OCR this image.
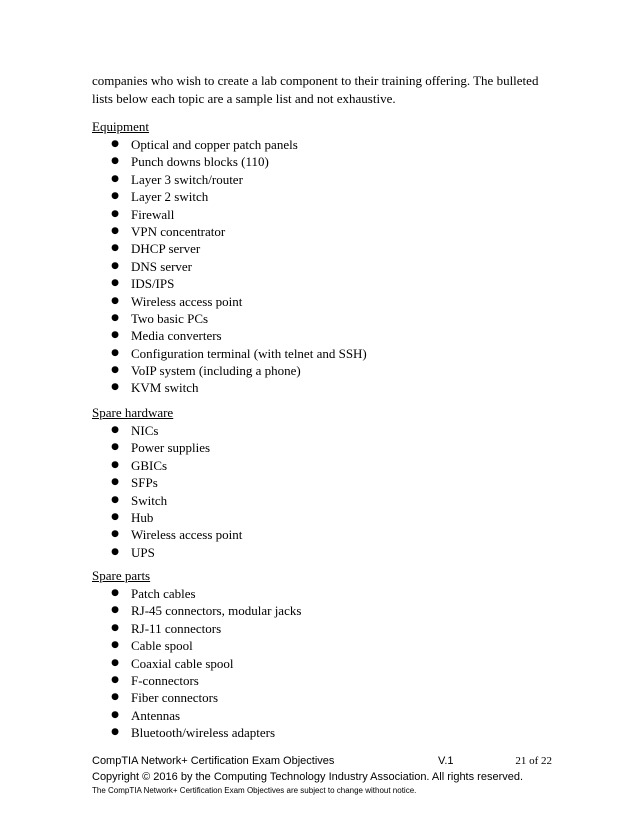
companies who wish to create a lab component to their training offering. The bulleted lists below each topic are a sample list and not exhaustive.
Equipment
● Optical and copper patch panels
● Punch downs blocks (110)
● Layer 3 switch/router
● Layer 2 switch
● Firewall
● VPN concentrator
● DHCP server
● DNS server
● IDS/IPS
● Wireless access point
● Two basic PCs
● Media converters
● Configuration terminal (with telnet and SSH)
● VoIP system (including a phone)
● KVM switch
Spare hardware
● NICs
● Power supplies
● GBICs
● SFPs
● Switch
● Hub
● Wireless access point
● UPS
Spare parts
● Patch cables
● RJ-45 connectors, modular jacks
● RJ-11 connectors
● Cable spool
● Coaxial cable spool
● F-connectors
● Fiber connectors
● Antennas
● Bluetooth/wireless adapters
CompTIA Network+ Certification Exam Objectives	V.1	21 of 22
Copyright © 2016 by the Computing Technology Industry Association. All rights reserved.
The CompTIA Network+ Certification Exam Objectives are subject to change without notice.
